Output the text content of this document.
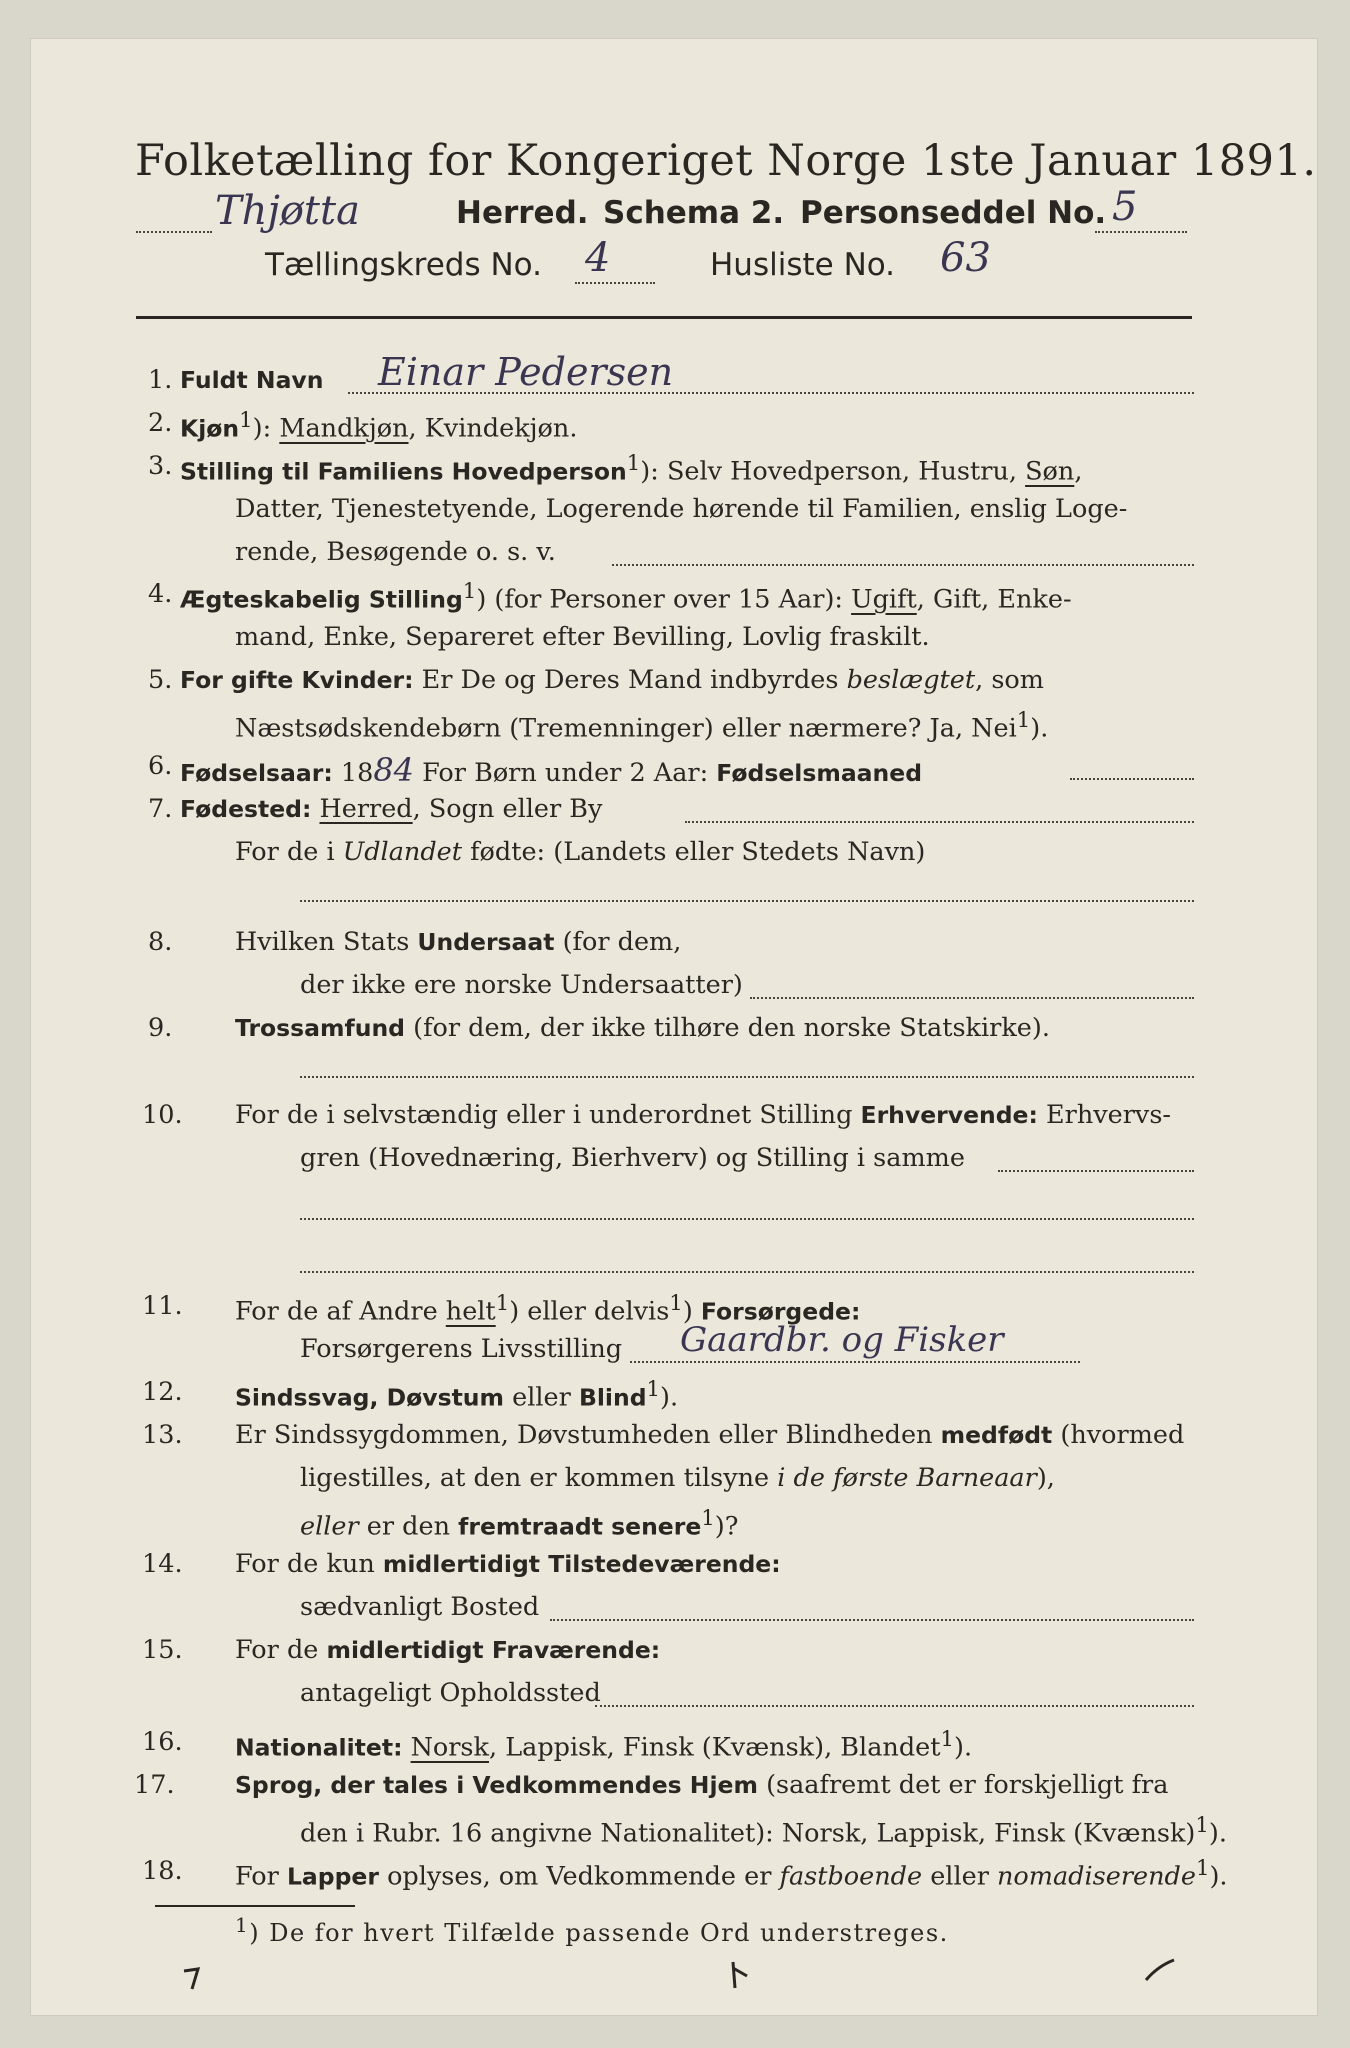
Folketælling for Kongeriget Norge 1ste Januar 1891.
Thjøtta	Herred. Schema 2. Personseddel No. 5
Tællingskreds No. 4	Husliste No. 63
1. Fuldt Navn Einar Pedersen
2. Kjøn$^1$): Mandkjøn, Kvindekjøn.
3. Stilling til Familiens Hovedperson$^1$): Selv Hovedperson, Hustru, Søn,
Datter, Tjenestetyende, Logerende hørende til Familien, enslig Loge-
rende, Besøgende o. s. v.
4. Ægteskabelig Stilling$^1$) (for Personer over 15 Aar): Ugift, Gift, Enke-
mand, Enke, Separeret efter Bevilling, Lovlig fraskilt.
5. For gifte Kvinder: Er De og Deres Mand indbyrdes beslægtet, som
Næstsødskendebørn (Tremenninger) eller nærmere? Ja, Nei$^1$).
6. Fødselsaar: 1884 For Børn under 2 Aar: Fødselsmaaned
7. Fødested: Herred, Sogn eller By
For de i Udlandet fødte: (Landets eller Stedets Navn)
8. Hvilken Stats Undersaat (for dem,
der ikke ere norske Undersaatter)
9.	Trossamfund (for dem, der ikke tilhøre den norske Statskirke).
10. For de i selvstændig eller i underordnet Stilling Erhvervende: Erhvervs-
gren (Hovednæring, Bierhverv) og Stilling i samme
11. For de af Andre helt$^1$) eller delvis$^1$) Forsørgede:
Forsørgerens Livsstilling Gaardbr. og Fisker
12. Sindssvag, Døvstum eller Blind$^1$).
13. Er Sindssygdommen, Døvstumheden eller Blindheden medfødt (hvormed
ligestilles, at den er kommen tilsyne i de første Barneaar),
eller er den fremtraadt senere$^1$)?
14. For de kun midlertidigt Tilstedeværende:
sædvanligt Bosted
15. For de midlertidigt Fraværende:
antageligt Opholdssted
16. Nationalitet: Norsk, Lappisk, Finsk (Kvænsk), Blandet$^1$).
17.	Sprog, der tales i Vedkommendes Hjem (saafremt det er forskjelligt fra
den i Rubr. 16 angivne Nationalitet): Norsk, Lappisk, Finsk (Kvænsk)$^1$).
18. For Lapper oplyses, om Vedkommende er fastboende eller nomadiserende$^1$).
$^1$) De for hvert Tilfælde passende Ord understreges.
